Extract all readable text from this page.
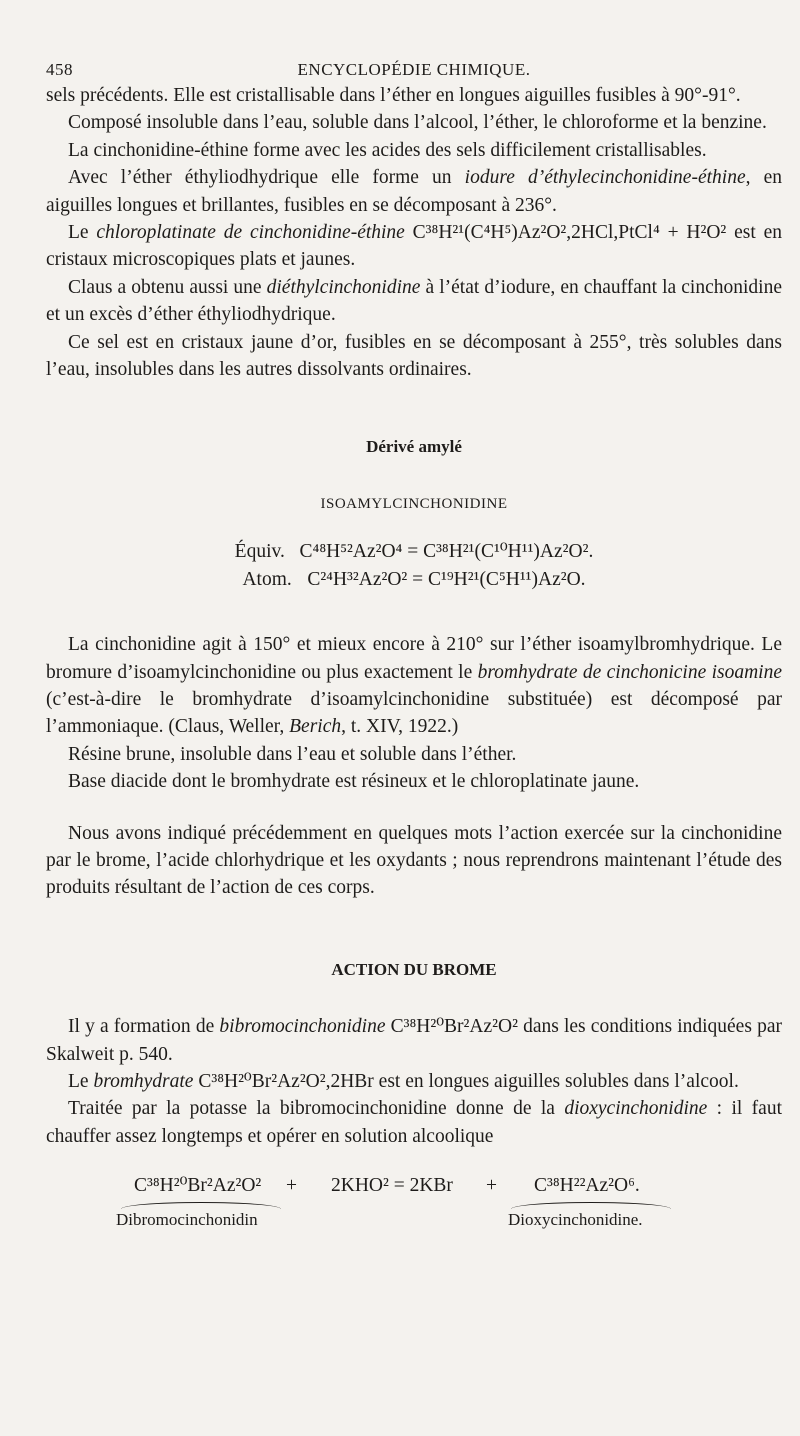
458	ENCYCLOPÉDIE CHIMIQUE.

sels précédents. Elle est cristallisable dans l’éther en longues aiguilles fusibles à 90°-91°.

Composé insoluble dans l’eau, soluble dans l’alcool, l’éther, le chloroforme et la benzine.

La cinchonidine-éthine forme avec les acides des sels difficilement cristallisables.

Avec l’éther éthyliodhydrique elle forme un iodure d’éthylecinchonidine-éthine, en aiguilles longues et brillantes, fusibles en se décomposant à 236°.

Le chloroplatinate de cinchonidine-éthine C³⁸H²¹(C⁴H⁵)Az²O²,2HCl,PtCl⁴ + H²O² est en cristaux microscopiques plats et jaunes.

Claus a obtenu aussi une diéthylcinchonidine à l’état d’iodure, en chauffant la cinchonidine et un excès d’éther éthyliodhydrique.

Ce sel est en cristaux jaune d’or, fusibles en se décomposant à 255°, très solubles dans l’eau, insolubles dans les autres dissolvants ordinaires.

Dérivé amylé

ISOAMYLCINCHONIDINE

Équiv. C⁴⁸H⁵²Az²O⁴ = C³⁸H²¹(C¹⁰H¹¹)Az²O².

Atom. C²⁴H³²Az²O² = C¹⁹H²¹(C⁵H¹¹)Az²O.

La cinchonidine agit à 150° et mieux encore à 210° sur l’éther isoamylbromhydrique. Le bromure d’isoamylcinchonidine ou plus exactement le bromhydrate de cinchonicine isoamine (c’est-à-dire le bromhydrate d’isoamylcinchonidine substituée) est décomposé par l’ammoniaque. (Claus, Weller, Berich, t. XIV, 1922.)

Résine brune, insoluble dans l’eau et soluble dans l’éther.

Base diacide dont le bromhydrate est résineux et le chloroplatinate jaune.

Nous avons indiqué précédemment en quelques mots l’action exercée sur la cinchonidine par le brome, l’acide chlorhydrique et les oxydants ; nous reprendrons maintenant l’étude des produits résultant de l’action de ces corps.

ACTION DU BROME

Il y a formation de bibromocinchonidine C³⁸H²⁰Br²Az²O² dans les conditions indiquées par Skalweit p. 540.

Le bromhydrate C³⁸H²⁰Br²Az²O²,2HBr est en longues aiguilles solubles dans l’alcool.

Traitée par la potasse la bibromocinchonidine donne de la dioxycinchonidine : il faut chauffer assez longtemps et opérer en solution alcoolique

C³⁸H²⁰Br²Az²O² + 2KHO² = 2KBr + C³⁸H²²Az²O⁶.
Dibromocinchonidin	Dioxycinchonidine.
